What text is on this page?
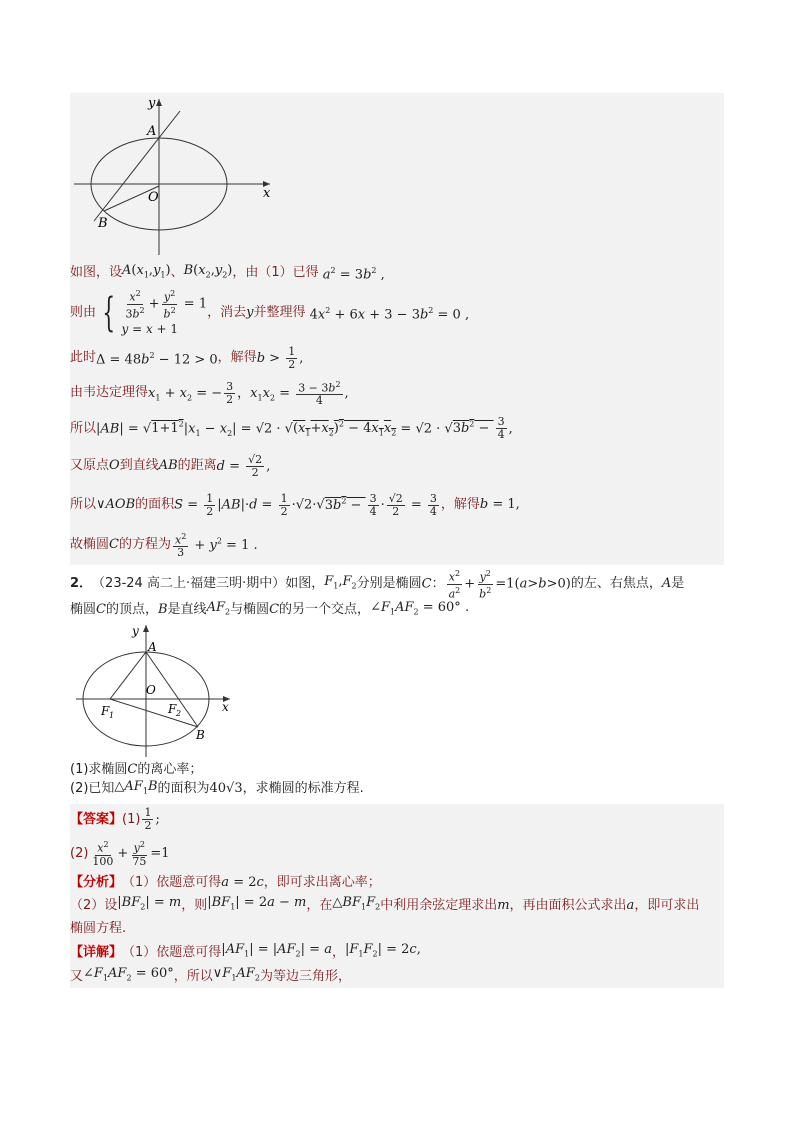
y
x
A
O
B
如图，设 $A(x_1,y_1)$ 、 $B(x_2,y_2)$ ，由（1）已得 $a^2 = 3b^2$ ,
则由 { $\frac{x^2}{3b^2} + \frac{y^2}{b^2} = 1$
y = x + 1
，消去 y 并整理得 $4x^2 + 6x + 3 - 3b^2 = 0$ ,
此时 $\Delta = 48b^2 - 12 > 0$ ，解得 $b > \frac{1}{2}$ ,
由韦达定理得 $x_1 + x_2$ = − $\frac{3}{2}$ ，$x_1x_2 = \frac{3 - 3b^2}{4}$ ,
所以 $|AB| = √1+1^2|x_1 - x_2| = √2 \cdot √(x_1+x_2)^2 - 4x_1x_2 = √2 \cdot √3b^2 - \frac{3}{4}$ ,
又原点 O 到直线 AB 的距离 $d = \frac{√2}{2}$ ,
所以 ∨AOB 的面积 $S = \frac{1}{2} |AB|\cdot d = \frac{1}{2} \cdot√2\cdot√3b^2 - \frac{3}{4} \cdot \frac{√2}{2} = \frac{3}{4}$ ，解得 b = 1,
故椭圆 C 的方程为 $\frac{x^2}{3} + y^2 = 1$ .
2． （23-24 高二上·福建三明·期中）如图， $F_1,F_2$ 分别是椭圆 C： $\frac{x^2}{a^2} + \frac{y^2}{b^2} =1(a>b>0)$ 的左、右焦点， A 是
椭圆 C 的顶点， B 是直线 $AF_2$ 与椭圆 C 的另一个交点， $\angle F_1AF_2 = 60^\circ$ .
y
A
O
F 1	F 2	x
B
(1)求椭圆 C 的离心率；
(2)已知 $\triangle AF_1B$ 的面积为 40√3 ，求椭圆的标准方程.
【答案】 $(1) \frac{1}{2}$ ;
$(2) \frac{x^2}{100} + \frac{y^2}{75} =1$
【分析】 （1）依题意可得 a = 2c ，即可求出离心率；
（2）设 $|BF_2| = m$ ，则 $|BF_1| = 2a - m$ ，在 $\triangle BF_1F_2$ 中利用余弦定理求出 m ，再由面积公式求出 a ，即可求出
椭圆方程.
【详解】 （1）依题意可得 $|AF_1| = |AF_2| = a$ ， $|F_1F_2| = 2c$,
又 $\angle F_1AF_2 = 60^\circ$ ，所以 $\vee F_1AF_2$ 为等边三角形，
